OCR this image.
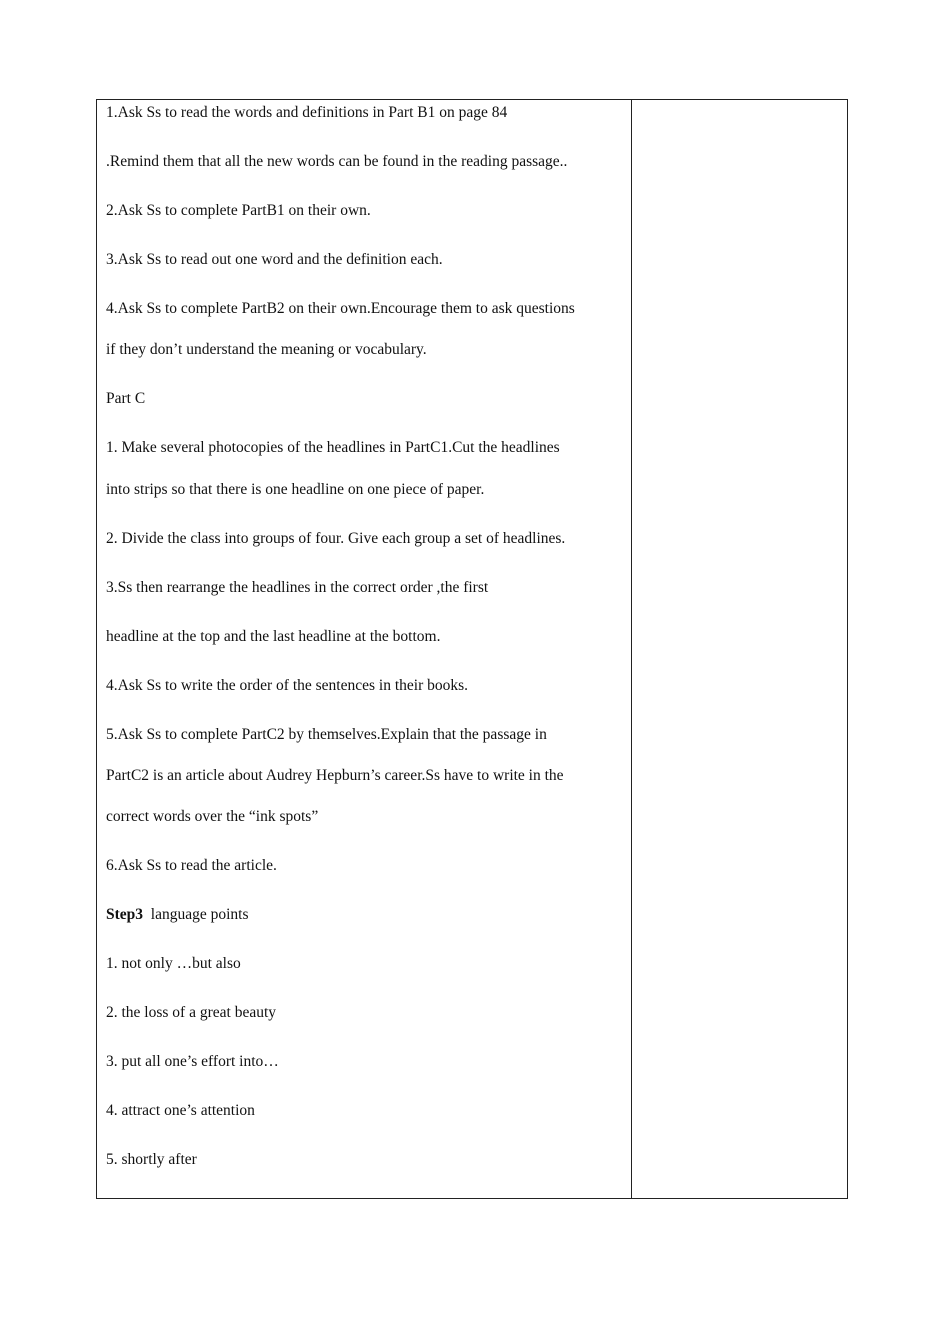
1.Ask Ss to read the words and definitions in Part B1 on page 84
.Remind them that all the new words can be found in the reading passage..
2.Ask Ss to complete PartB1 on their own.
3.Ask Ss to read out one word and the definition each.
4.Ask Ss to complete PartB2 on their own.Encourage them to ask questions
if they don’t understand the meaning or vocabulary.
Part C
1. Make several photocopies of the headlines in PartC1.Cut the headlines
into strips so that there is one headline on one piece of paper.
2. Divide the class into groups of four. Give each group a set of headlines.
3.Ss then rearrange the headlines in the correct order ,the first
headline at the top and the last headline at the bottom.
4.Ask Ss to write the order of the sentences in their books.
5.Ask Ss to complete PartC2 by themselves.Explain that the passage in
PartC2 is an article about Audrey Hepburn’s career.Ss have to write in the
correct words over the “ink spots”
6.Ask Ss to read the article.
Step3  language points
1. not only …but also
2. the loss of a great beauty
3. put all one’s effort into…
4. attract one’s attention
5. shortly after
